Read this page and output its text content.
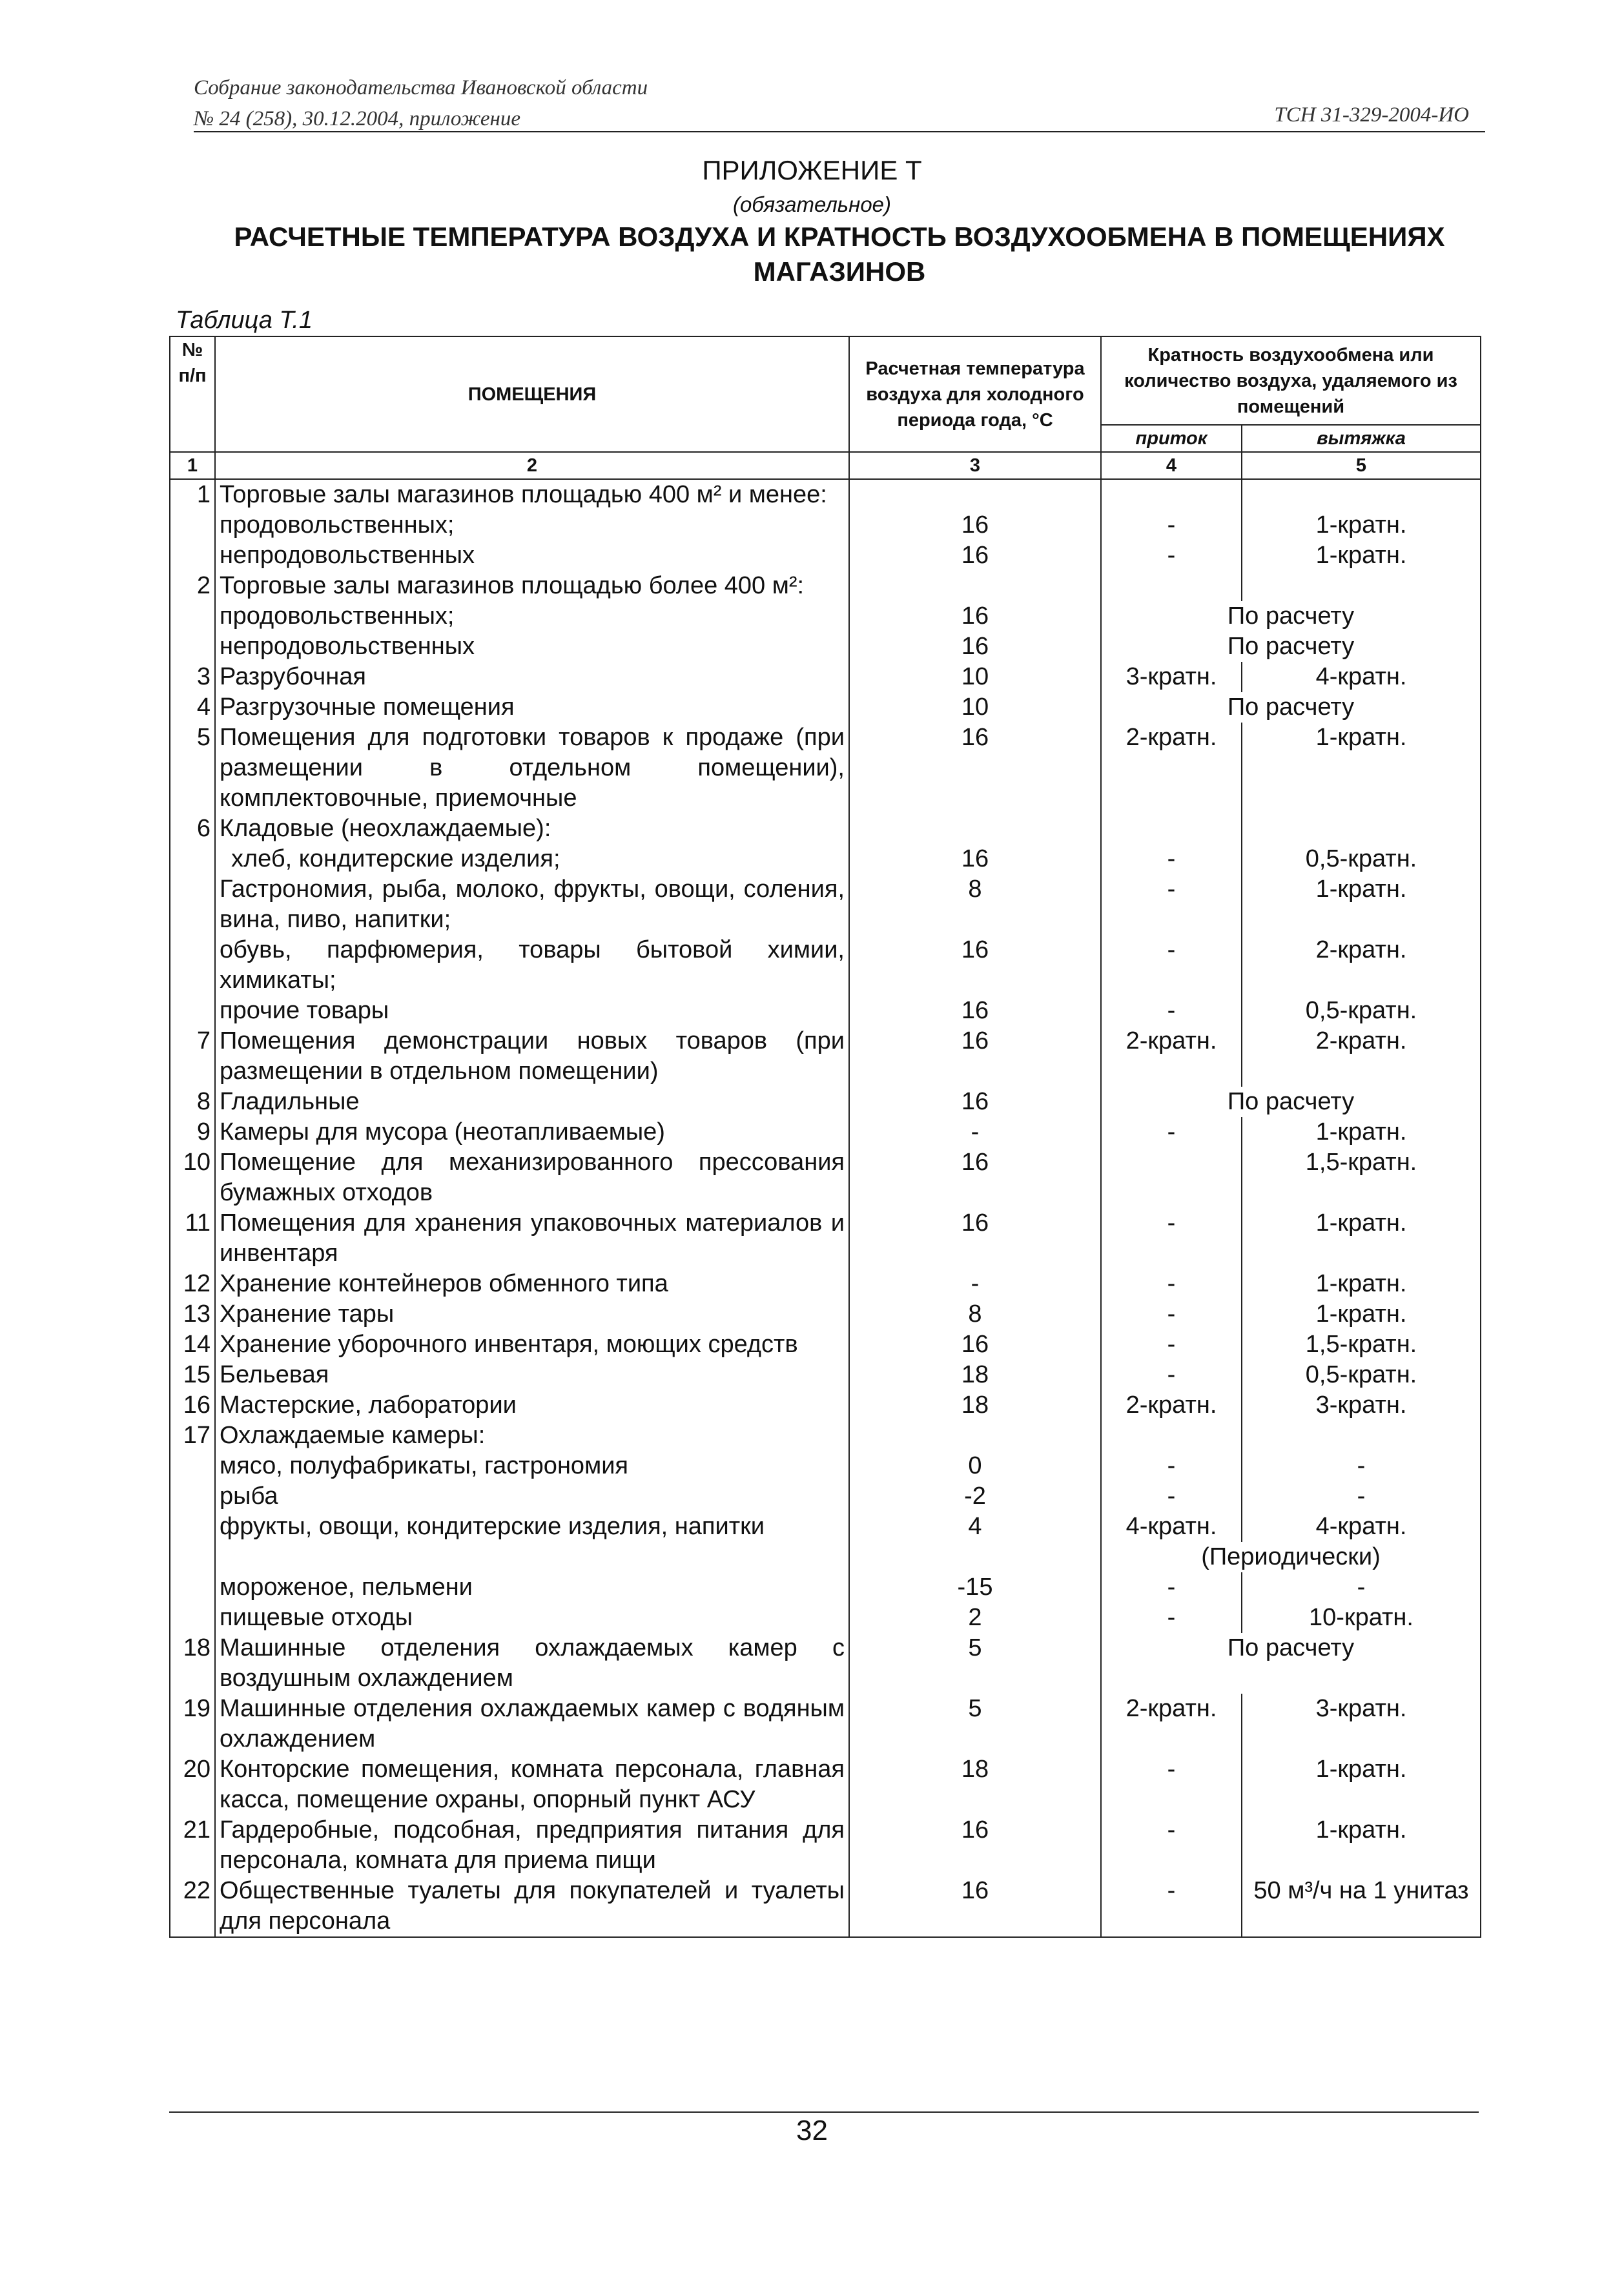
Собрание законодательства Ивановской области
№ 24 (258), 30.12.2004, приложение	ТСН 31-329-2004-ИО
ПРИЛОЖЕНИЕ Т
(обязательное)
РАСЧЕТНЫЕ ТЕМПЕРАТУРА ВОЗДУХА И КРАТНОСТЬ ВОЗДУХООБМЕНА В ПОМЕЩЕНИЯХ МАГАЗИНОВ
Таблица Т.1
№ п/п	ПОМЕЩЕНИЯ	Расчетная температура воздуха для холодного периода года, °С	Кратность воздухообмена или количество воздуха, удаляемого из помещений	
			приток	вытяжка
1	2	3	4	5
1	Торговые залы магазинов площадью 400 м² и менее:			
	продовольственных;	16	-	1-кратн.
	непродовольственных	16	-	1-кратн.
2	Торговые залы магазинов площадью более 400 м²:			
	продовольственных;	16	По расчету	
	непродовольственных	16	По расчету	
3	Разрубочная	10	3-кратн.	4-кратн.
4	Разгрузочные помещения	10	По расчету	
5	Помещения для подготовки товаров к продаже (при размещении в отдельном помещении), комплектовочные, приемочные	16	2-кратн.	1-кратн.
6	Кладовые (неохлаждаемые):			
	хлеб, кондитерские изделия;	16	-	0,5-кратн.
	Гастрономия, рыба, молоко, фрукты, овощи, соления, вина, пиво, напитки;	8	-	1-кратн.
	обувь, парфюмерия, товары бытовой химии, химикаты;	16	-	2-кратн.
	прочие товары	16	-	0,5-кратн.
7	Помещения демонстрации новых товаров (при размещении в отдельном помещении)	16	2-кратн.	2-кратн.
8	Гладильные	16	По расчету	
9	Камеры для мусора (неотапливаемые)	-	-	1-кратн.
10	Помещение для механизированного прессования бумажных отходов	16		1,5-кратн.
11	Помещения для хранения упаковочных материалов и инвентаря	16	-	1-кратн.
12	Хранение контейнеров обменного типа	-	-	1-кратн.
13	Хранение тары	8	-	1-кратн.
14	Хранение уборочного инвентаря, моющих средств	16	-	1,5-кратн.
15	Бельевая	18	-	0,5-кратн.
16	Мастерские, лаборатории	18	2-кратн.	3-кратн.
17	Охлаждаемые камеры:			
	мясо, полуфабрикаты, гастрономия	0	-	-
	рыба	-2	-	-
	фрукты, овощи, кондитерские изделия, напитки	4	4-кратн.	4-кратн.
			(Периодически)	
	мороженое, пельмени	-15	-	-
	пищевые отходы	2	-	10-кратн.
18	Машинные отделения охлаждаемых камер с воздушным охлаждением	5	По расчету	
19	Машинные отделения охлаждаемых камер с водяным охлаждением	5	2-кратн.	3-кратн.
20	Конторские помещения, комната персонала, главная касса, помещение охраны, опорный пункт АСУ	18	-	1-кратн.
21	Гардеробные, подсобная, предприятия питания для персонала, комната для приема пищи	16	-	1-кратн.
22	Общественные туалеты для покупателей и туалеты для персонала	16	-	50 м³/ч на 1 унитаз
32
